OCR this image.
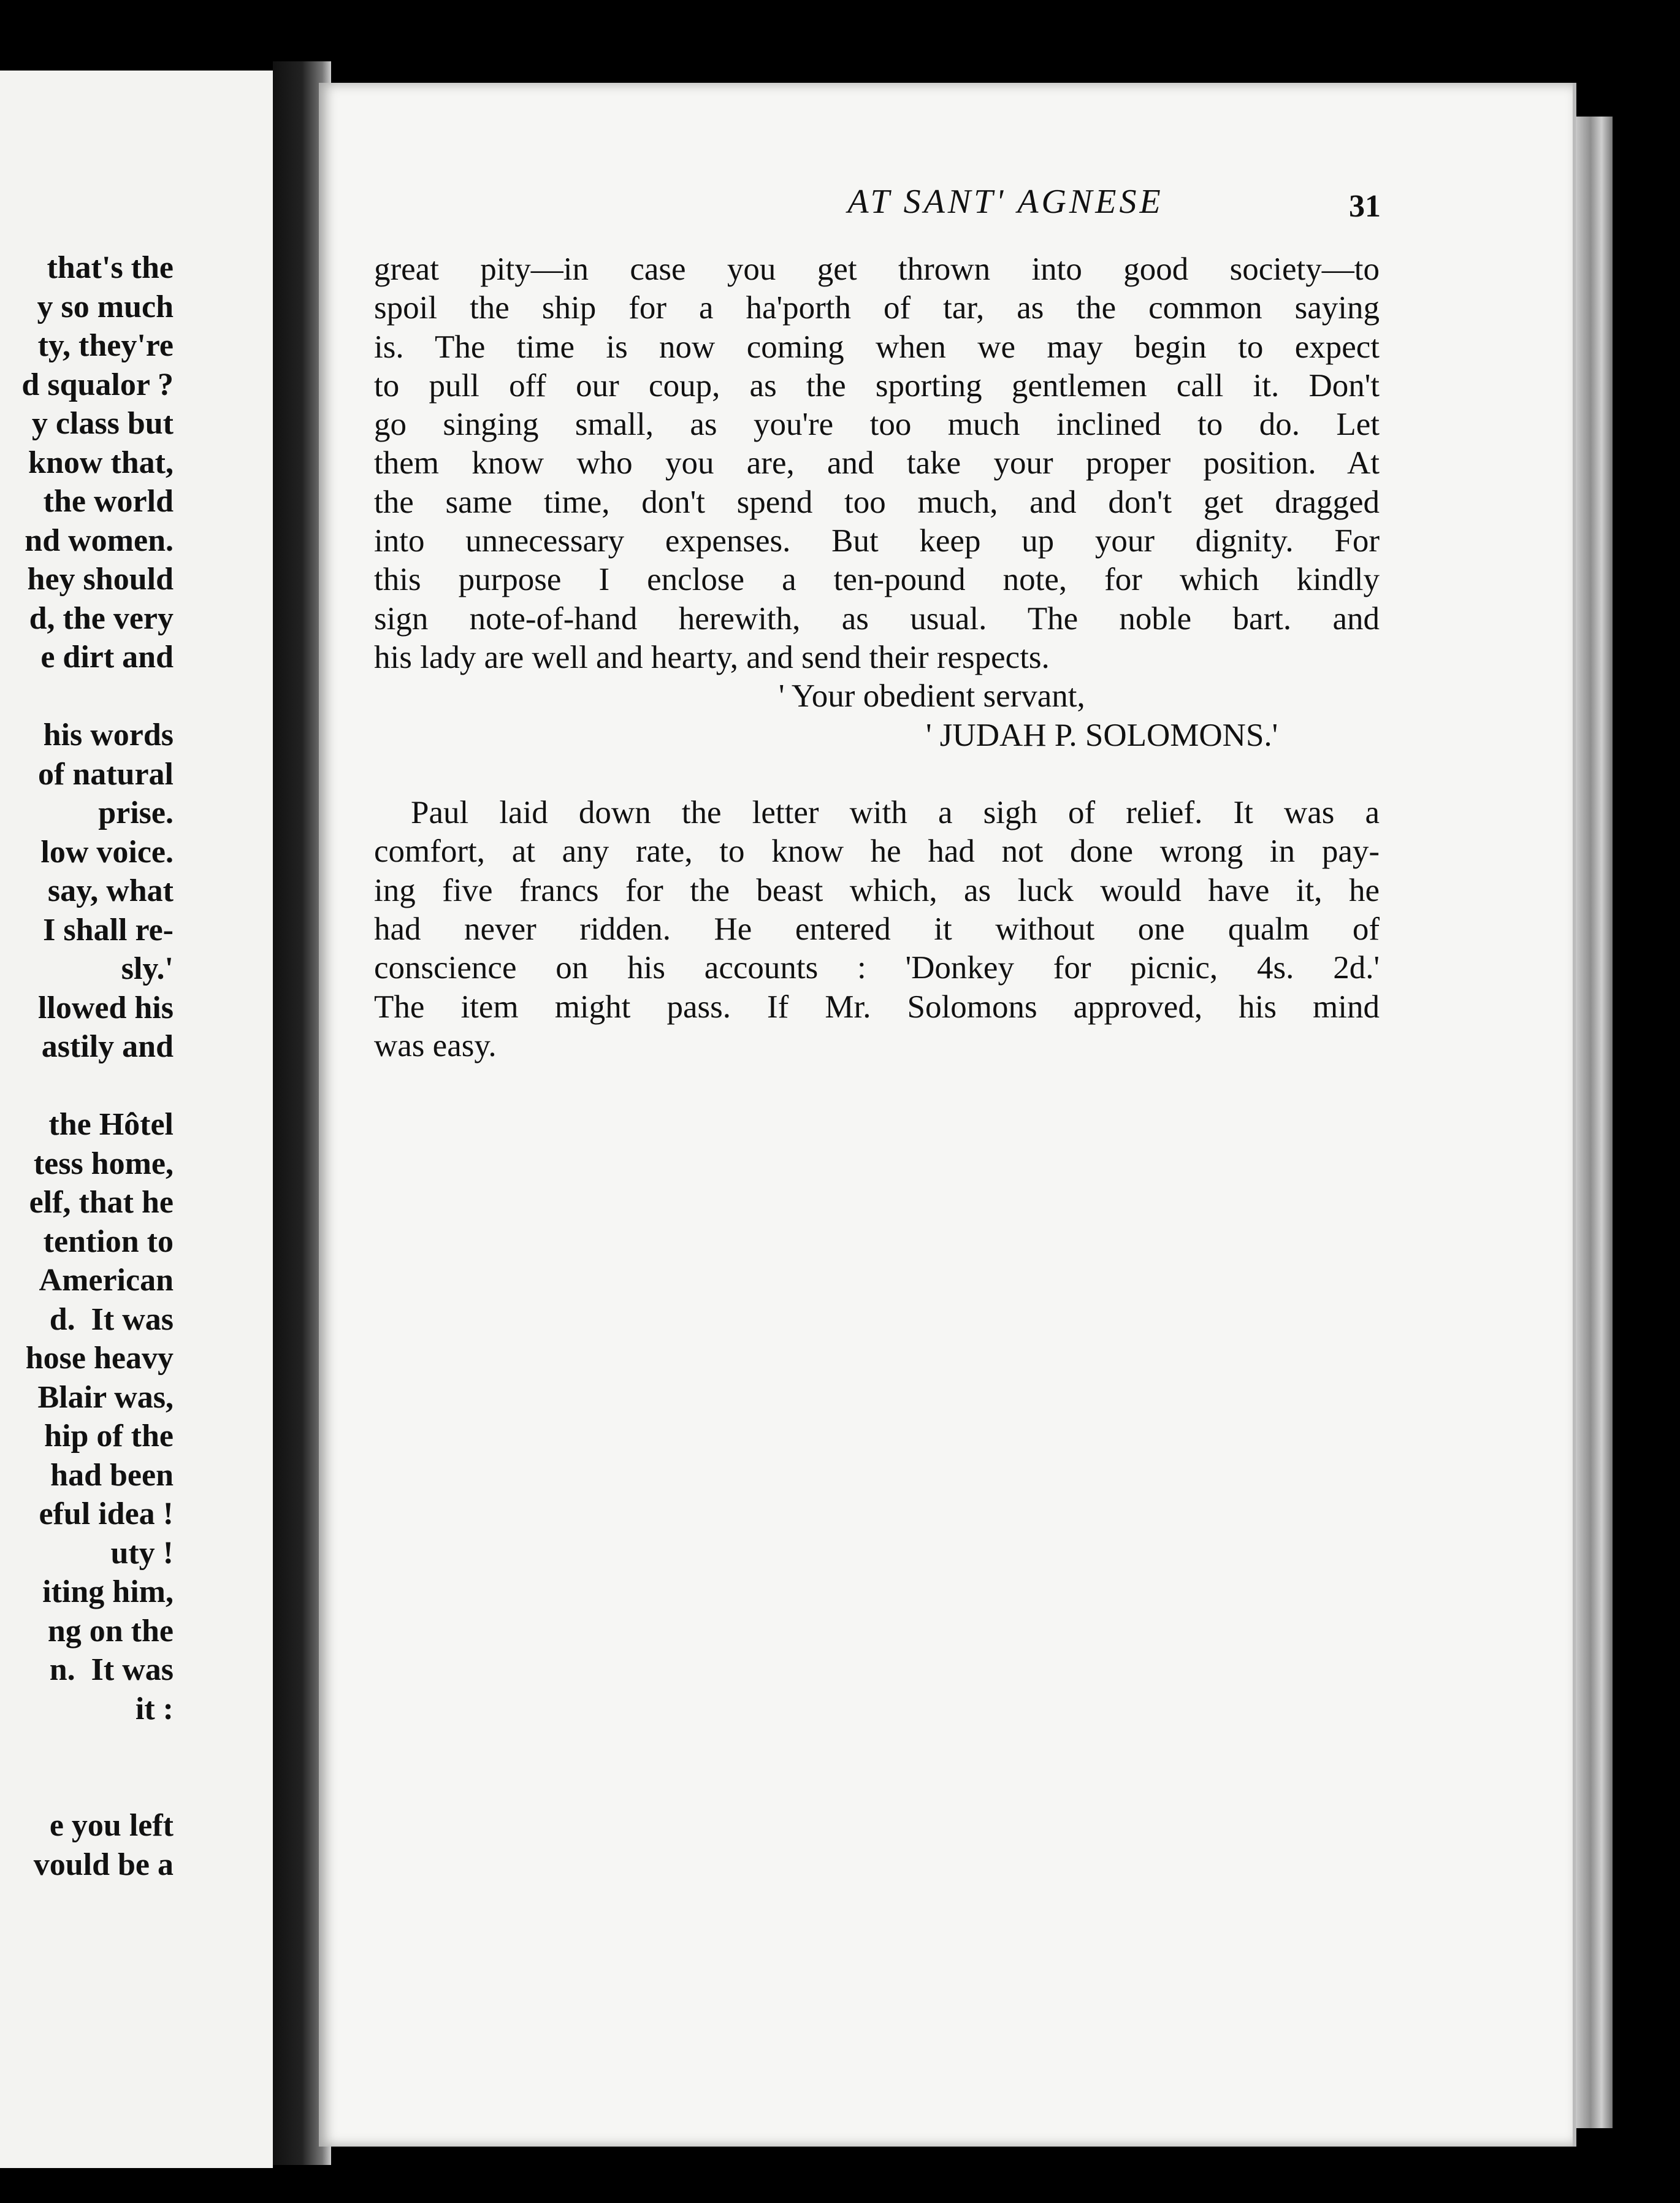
that's the
y so much
ty, they're
d squalor ?
y class but
know that,
the world
nd women.
hey should
d, the very
e dirt and
his words
of natural
prise.
low voice.
say, what
I shall re-
sly.'
llowed his
astily and
the Hôtel
tess home,
elf, that he
tention to
American
d.  It was
hose heavy
Blair was,
hip of the
had been
eful idea !
uty !
iting him,
ng on the
n.  It was
it :
e you left
vould be a
AT SANT' AGNESE	31
great pity—in case you get thrown into good society—to
spoil the ship for a ha'porth of tar, as the common saying
is. The time is now coming when we may begin to expect
to pull off our coup, as the sporting gentlemen call it. Don't
go singing small, as you're too much inclined to do. Let
them know who you are, and take your proper position. At
the same time, don't spend too much, and don't get dragged
into unnecessary expenses. But keep up your dignity. For
this purpose I enclose a ten-pound note, for which kindly
sign note-of-hand herewith, as usual. The noble bart. and
his lady are well and hearty, and send their respects.
' Your obedient servant,
' JUDAH P. SOLOMONS.'
Paul laid down the letter with a sigh of relief. It was a
comfort, at any rate, to know he had not done wrong in pay-
ing five francs for the beast which, as luck would have it, he
had never ridden. He entered it without one qualm of
conscience on his accounts : 'Donkey for picnic, 4s. 2d.'
The item might pass. If Mr. Solomons approved, his mind
was easy.
